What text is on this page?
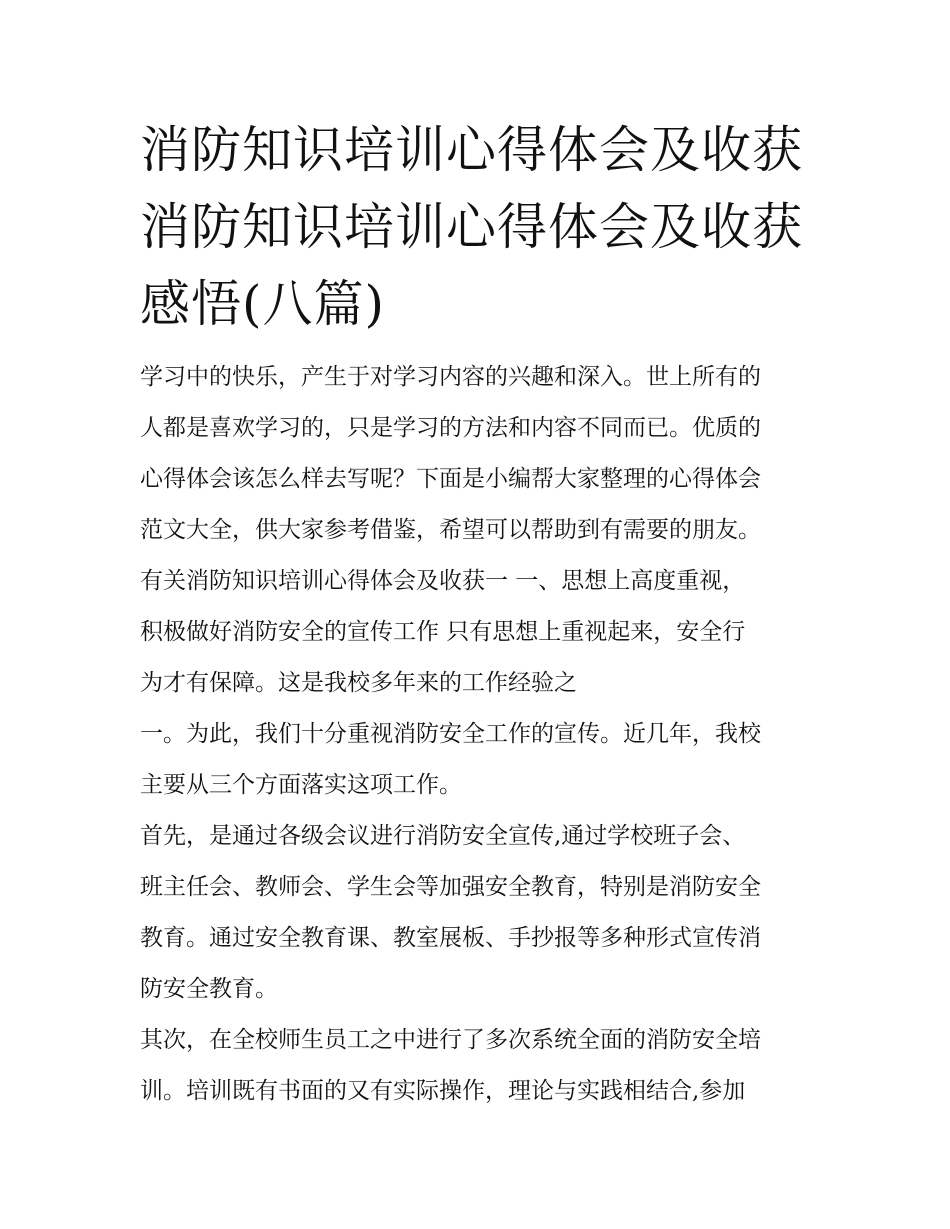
消防知识培训心得体会及收获
消防知识培训心得体会及收获
感悟(八篇)
学习中的快乐，产生于对学习内容的兴趣和深入。世上所有的
人都是喜欢学习的，只是学习的方法和内容不同而已。优质的
心得体会该怎么样去写呢？下面是小编帮大家整理的心得体会
范文大全，供大家参考借鉴，希望可以帮助到有需要的朋友。
有关消防知识培训心得体会及收获一 一、思想上高度重视，
积极做好消防安全的宣传工作 只有思想上重视起来，安全行
为才有保障。这是我校多年来的工作经验之
一。为此，我们十分重视消防安全工作的宣传。近几年，我校
主要从三个方面落实这项工作。
首先，是通过各级会议进行消防安全宣传,通过学校班子会、
班主任会、教师会、学生会等加强安全教育，特别是消防安全
教育。通过安全教育课、教室展板、手抄报等多种形式宣传消
防安全教育。
其次，在全校师生员工之中进行了多次系统全面的消防安全培
训。培训既有书面的又有实际操作，理论与实践相结合,参加
